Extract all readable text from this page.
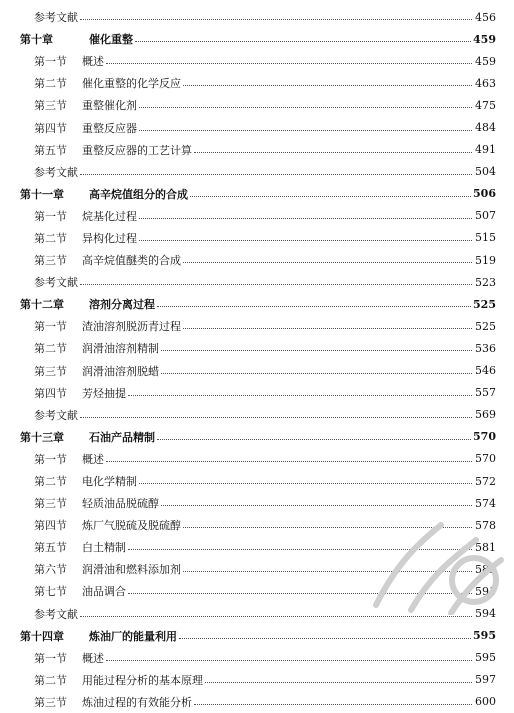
参考文献	456
第十章	催化重整	459
第一节	概述	459
第二节	催化重整的化学反应	463
第三节	重整催化剂	475
第四节	重整反应器	484
第五节	重整反应器的工艺计算	491
参考文献	504
第十一章	高辛烷值组分的合成	506
第一节	烷基化过程	507
第二节	异构化过程	515
第三节	高辛烷值醚类的合成	519
参考文献	523
第十二章	溶剂分离过程	525
第一节	渣油溶剂脱沥青过程	525
第二节	润滑油溶剂精制	536
第三节	润滑油溶剂脱蜡	546
第四节	芳烃抽提	557
参考文献	569
第十三章	石油产品精制	570
第一节	概述	570
第二节	电化学精制	572
第三节	轻质油品脱硫醇	574
第四节	炼厂气脱硫及脱硫醇	578
第五节	白土精制	581
第六节	润滑油和燃料添加剂	583
第七节	油品调合	591
参考文献	594
第十四章	炼油厂的能量利用	595
第一节	概述	595
第二节	用能过程分析的基本原理	597
第三节	炼油过程的有效能分析	600
